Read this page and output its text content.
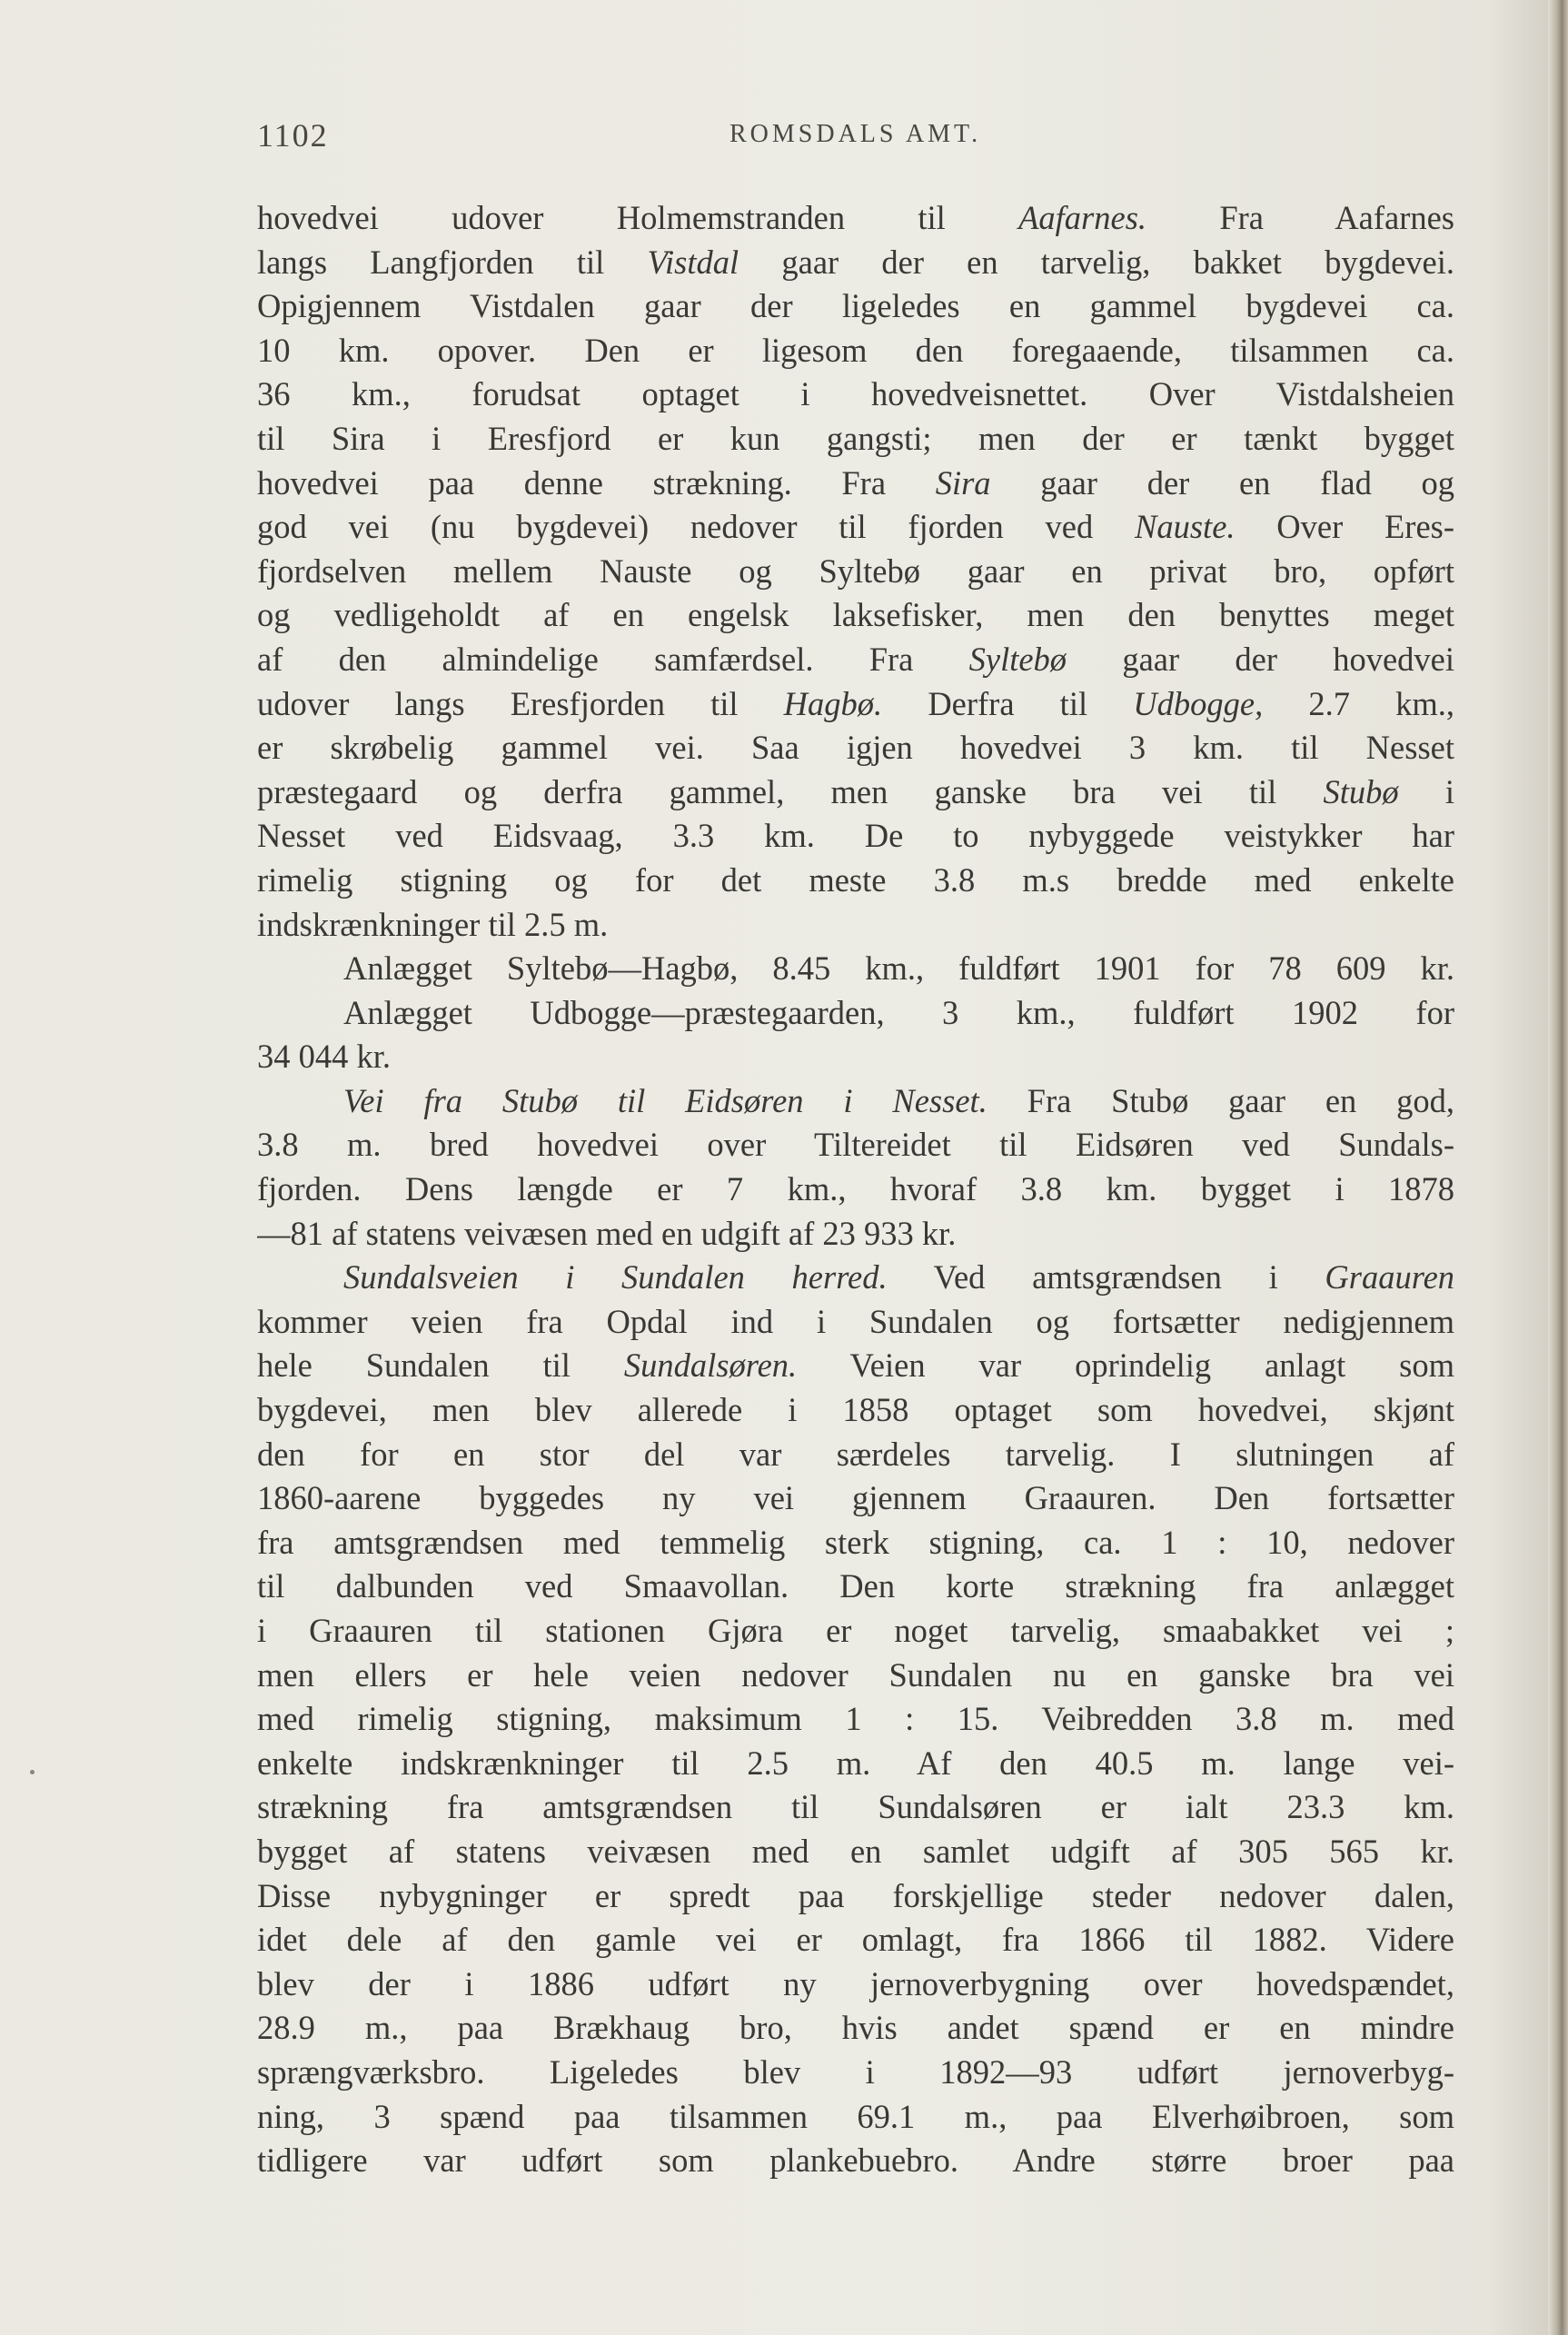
1102	ROMSDALS AMT.
hovedvei udover Holmemstranden til Aafarnes. Fra Aafarnes
langs Langfjorden til Vistdal gaar der en tarvelig, bakket bygdevei.
Opigjennem Vistdalen gaar der ligeledes en gammel bygdevei ca.
10 km. opover. Den er ligesom den foregaaende, tilsammen ca.
36 km., forudsat optaget i hovedveisnettet. Over Vistdalsheien
til Sira i Eresfjord er kun gangsti; men der er tænkt bygget
hovedvei paa denne strækning. Fra Sira gaar der en flad og
god vei (nu bygdevei) nedover til fjorden ved Nauste. Over Eres-
fjordselven mellem Nauste og Syltebø gaar en privat bro, opført
og vedligeholdt af en engelsk laksefisker, men den benyttes meget
af den almindelige samfærdsel. Fra Syltebø gaar der hovedvei
udover langs Eresfjorden til Hagbø. Derfra til Udbogge, 2.7 km.,
er skrøbelig gammel vei. Saa igjen hovedvei 3 km. til Nesset
præstegaard og derfra gammel, men ganske bra vei til Stubø i
Nesset ved Eidsvaag, 3.3 km. De to nybyggede veistykker har
rimelig stigning og for det meste 3.8 m.s bredde med enkelte
indskrænkninger til 2.5 m.
Anlægget Syltebø—Hagbø, 8.45 km., fuldført 1901 for 78 609 kr.
Anlægget Udbogge—præstegaarden, 3 km., fuldført 1902 for
34 044 kr.
Vei fra Stubø til Eidsøren i Nesset. Fra Stubø gaar en god,
3.8 m. bred hovedvei over Tiltereidet til Eidsøren ved Sundals-
fjorden. Dens længde er 7 km., hvoraf 3.8 km. bygget i 1878
—81 af statens veivæsen med en udgift af 23 933 kr.
Sundalsveien i Sundalen herred. Ved amtsgrændsen i Graauren
kommer veien fra Opdal ind i Sundalen og fortsætter nedigjennem
hele Sundalen til Sundalsøren. Veien var oprindelig anlagt som
bygdevei, men blev allerede i 1858 optaget som hovedvei, skjønt
den for en stor del var særdeles tarvelig. I slutningen af
1860-aarene byggedes ny vei gjennem Graauren. Den fortsætter
fra amtsgrændsen med temmelig sterk stigning, ca. 1 : 10, nedover
til dalbunden ved Smaavollan. Den korte strækning fra anlægget
i Graauren til stationen Gjøra er noget tarvelig, smaabakket vei ;
men ellers er hele veien nedover Sundalen nu en ganske bra vei
med rimelig stigning, maksimum 1 : 15. Veibredden 3.8 m. med
enkelte indskrænkninger til 2.5 m. Af den 40.5 m. lange vei-
strækning fra amtsgrændsen til Sundalsøren er ialt 23.3 km.
bygget af statens veivæsen med en samlet udgift af 305 565 kr.
Disse nybygninger er spredt paa forskjellige steder nedover dalen,
idet dele af den gamle vei er omlagt, fra 1866 til 1882. Videre
blev der i 1886 udført ny jernoverbygning over hovedspændet,
28.9 m., paa Brækhaug bro, hvis andet spænd er en mindre
sprængværksbro. Ligeledes blev i 1892—93 udført jernoverbyg-
ning, 3 spænd paa tilsammen 69.1 m., paa Elverhøibroen, som
tidligere var udført som plankebuebro. Andre større broer paa
